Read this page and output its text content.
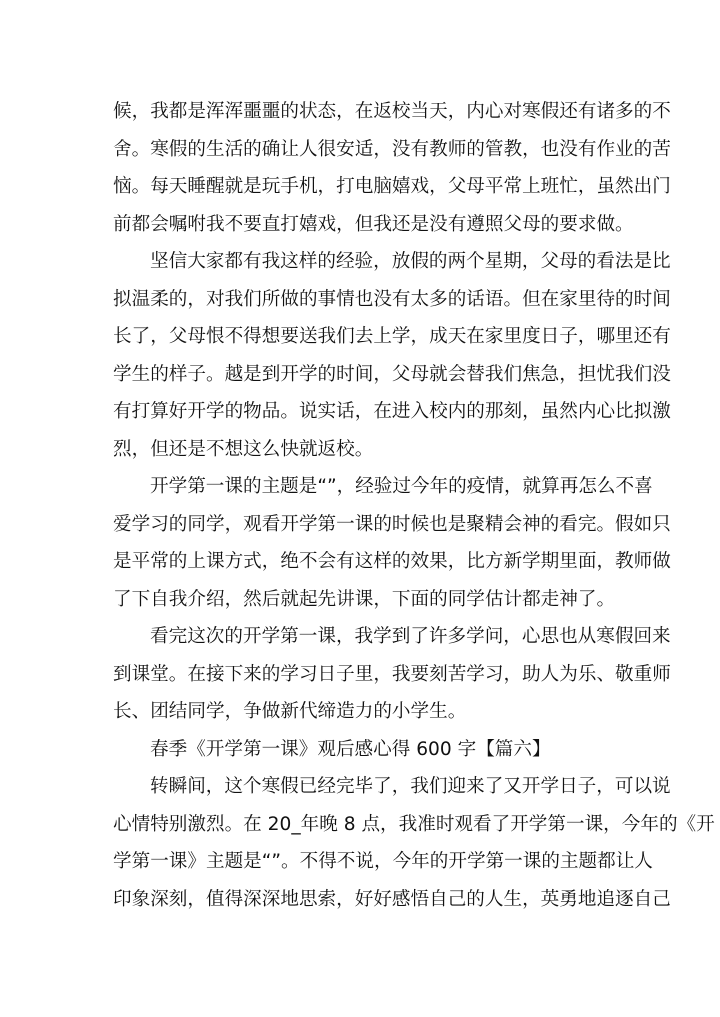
候，我都是浑浑噩噩的状态，在返校当天，内心对寒假还有诸多的不
舍。寒假的生活的确让人很安适，没有教师的管教，也没有作业的苦
恼。每天睡醒就是玩手机，打电脑嬉戏，父母平常上班忙，虽然出门
前都会嘱咐我不要直打嬉戏，但我还是没有遵照父母的要求做。
坚信大家都有我这样的经验，放假的两个星期，父母的看法是比
拟温柔的，对我们所做的事情也没有太多的话语。但在家里待的时间
长了，父母恨不得想要送我们去上学，成天在家里度日子，哪里还有
学生的样子。越是到开学的时间，父母就会替我们焦急，担忧我们没
有打算好开学的物品。说实话，在进入校内的那刻，虽然内心比拟激
烈，但还是不想这么快就返校。
开学第一课的主题是“”，经验过今年的疫情，就算再怎么不喜
爱学习的同学，观看开学第一课的时候也是聚精会神的看完。假如只
是平常的上课方式，绝不会有这样的效果，比方新学期里面，教师做
了下自我介绍，然后就起先讲课，下面的同学估计都走神了。
看完这次的开学第一课，我学到了许多学问，心思也从寒假回来
到课堂。在接下来的学习日子里，我要刻苦学习，助人为乐、敬重师
长、团结同学，争做新代缔造力的小学生。
春季《开学第一课》观后感心得 600 字【篇六】
转瞬间，这个寒假已经完毕了，我们迎来了又开学日子，可以说
心情特别激烈。在 20_年晚 8 点，我准时观看了开学第一课，今年的《开
学第一课》主题是“”。不得不说，今年的开学第一课的主题都让人
印象深刻，值得深深地思索，好好感悟自己的人生，英勇地追逐自己
